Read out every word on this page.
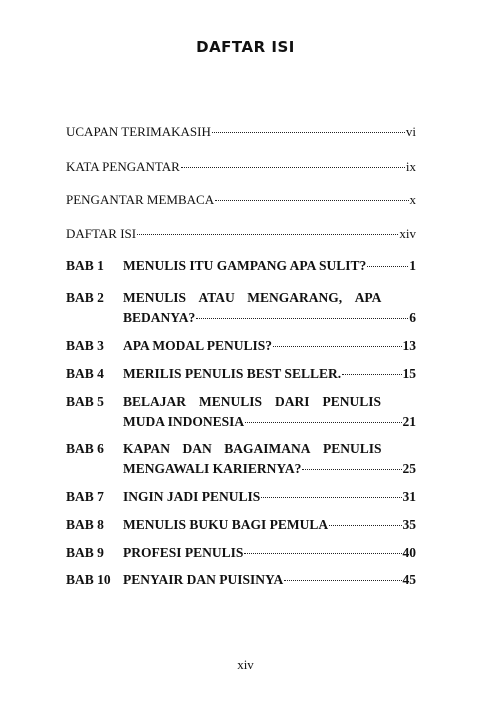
DAFTAR ISI
UCAPAN TERIMAKASIH	vi
KATA PENGANTAR	ix
PENGANTAR MEMBACA	x
DAFTAR ISI	xiv
BAB 1	MENULIS ITU GAMPANG APA SULIT?	1
BAB 2	MENULIS ATAU MENGARANG, APA
BEDANYA?	6
BAB 3	APA MODAL PENULIS?	13
BAB 4	MERILIS PENULIS BEST SELLER.	15
BAB 5	BELAJAR MENULIS DARI PENULIS
MUDA INDONESIA	21
BAB 6	KAPAN DAN BAGAIMANA PENULIS
MENGAWALI KARIERNYA?	25
BAB 7	INGIN JADI PENULIS	31
BAB 8	MENULIS BUKU BAGI PEMULA	35
BAB 9	PROFESI PENULIS	40
BAB 10 PENYAIR DAN PUISINYA	45
xiv
